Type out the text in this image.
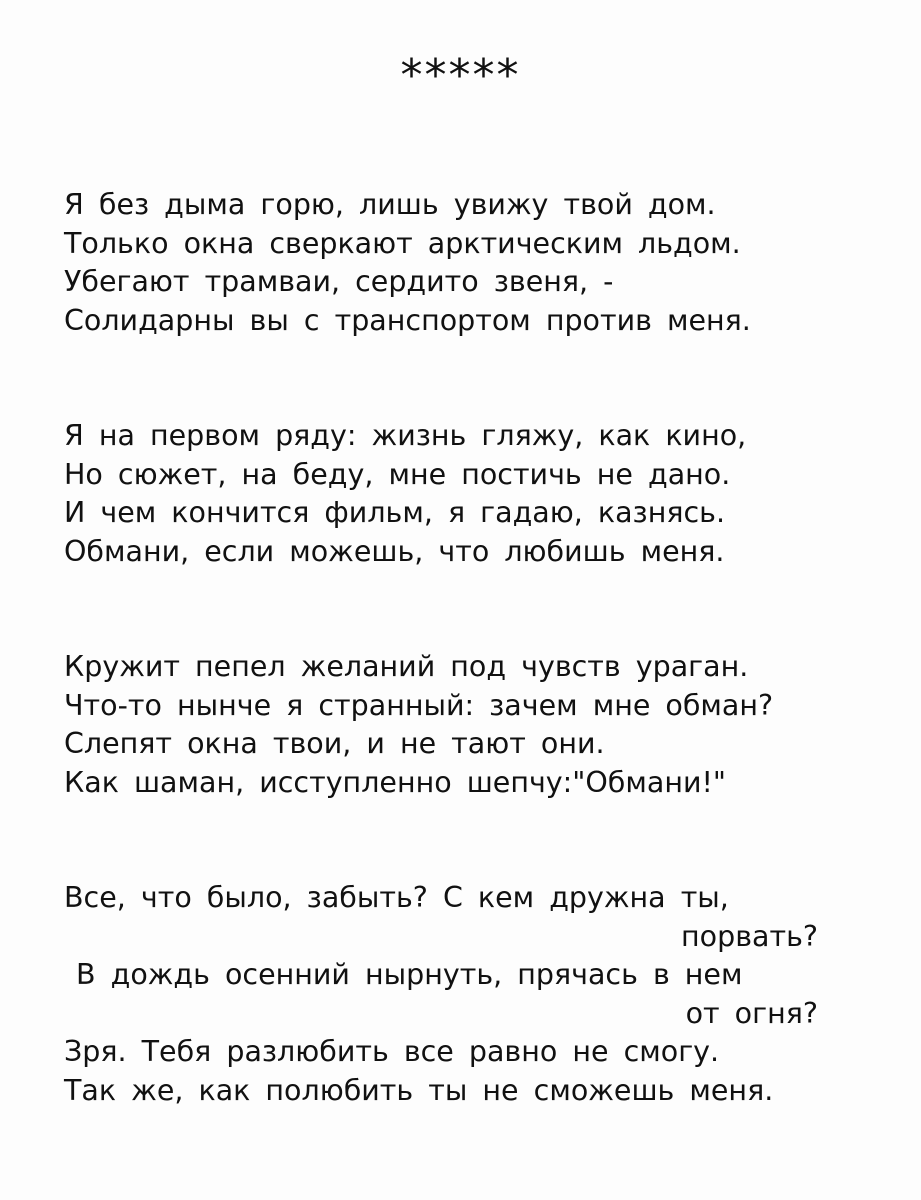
*****
Я без дыма горю, лишь увижу твой дом.
Только окна сверкают арктическим льдом.
Убегают трамваи, сердито звеня, -
Солидарны вы с транспортом против меня.
Я на первом ряду: жизнь гляжу, как кино,
Но сюжет, на беду, мне постичь не дано.
И чем кончится фильм, я гадаю, казнясь.
Обмани, если можешь, что любишь меня.
Кружит пепел желаний под чувств ураган.
Что-то нынче я странный: зачем мне обман?
Слепят окна твои, и не тают они.
Как шаман, исступленно шепчу:"Обмани!"
Все, что было, забыть? С кем дружна ты,
порвать?
В дождь осенний нырнуть, прячась в нем
от огня?
Зря. Тебя разлюбить все равно не смогу.
Так же, как полюбить ты не сможешь меня.
